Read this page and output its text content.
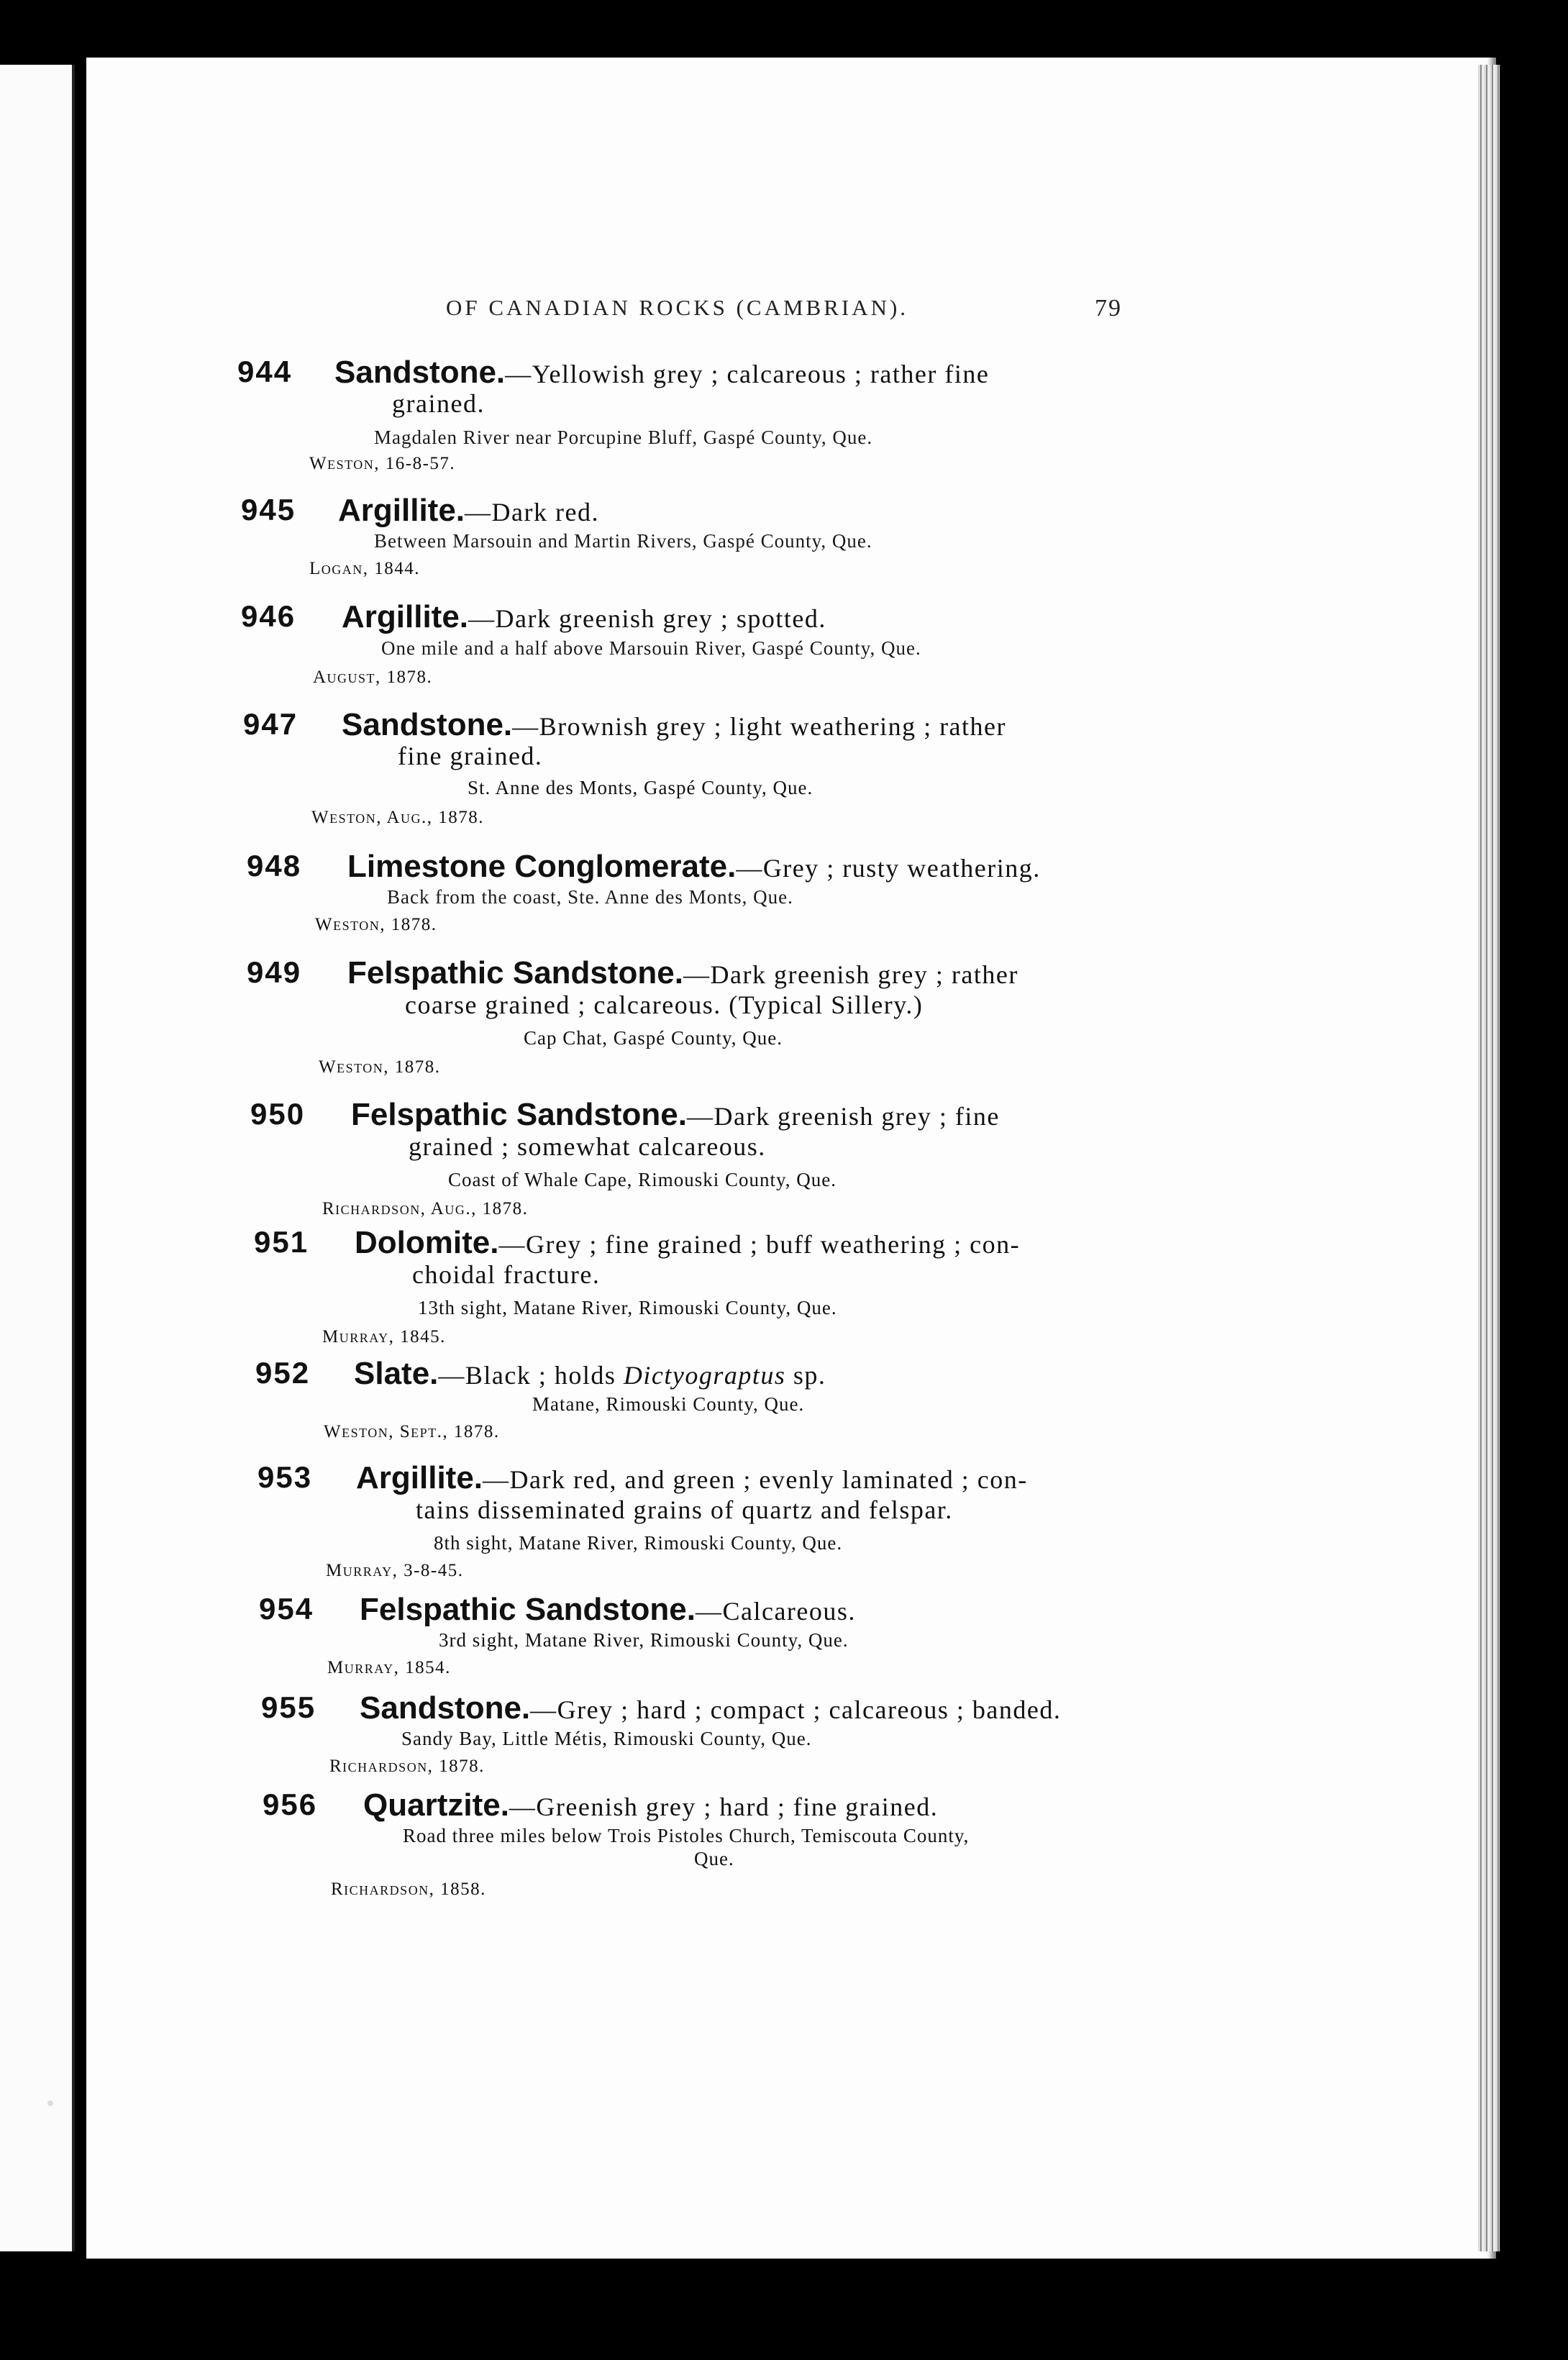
OF CANADIAN ROCKS (CAMBRIAN).	79
944 Sandstone.—Yellowish grey ; calcareous ; rather fine
grained.
Magdalen River near Porcupine Bluff, Gaspé County, Que.
Weston, 16-8-57.
945 Argillite.—Dark red.
Between Marsouin and Martin Rivers, Gaspé County, Que.
Logan, 1844.
946 Argillite.—Dark greenish grey ; spotted.
One mile and a half above Marsouin River, Gaspé County, Que.
August, 1878.
947 Sandstone.—Brownish grey ; light weathering ; rather
fine grained.
St. Anne des Monts, Gaspé County, Que.
Weston, Aug., 1878.
948 Limestone Conglomerate.—Grey ; rusty weathering.
Back from the coast, Ste. Anne des Monts, Que.
Weston, 1878.
949 Felspathic Sandstone.—Dark greenish grey ; rather
coarse grained ; calcareous. (Typical Sillery.)
Cap Chat, Gaspé County, Que.
Weston, 1878.
950 Felspathic Sandstone.—Dark greenish grey ; fine
grained ; somewhat calcareous.
Coast of Whale Cape, Rimouski County, Que.
Richardson, Aug., 1878.
951 Dolomite.—Grey ; fine grained ; buff weathering ; con-
choidal fracture.
13th sight, Matane River, Rimouski County, Que.
Murray, 1845.
952 Slate.—Black ; holds Dictyograptus sp.
Matane, Rimouski County, Que.
Weston, Sept., 1878.
953 Argillite.—Dark red, and green ; evenly laminated ; con-
tains disseminated grains of quartz and felspar.
8th sight, Matane River, Rimouski County, Que.
Murray, 3-8-45.
954 Felspathic Sandstone.—Calcareous.
3rd sight, Matane River, Rimouski County, Que.
Murray, 1854.
955 Sandstone.—Grey ; hard ; compact ; calcareous ; banded.
Sandy Bay, Little Métis, Rimouski County, Que.
Richardson, 1878.
956 Quartzite.—Greenish grey ; hard ; fine grained.
Road three miles below Trois Pistoles Church, Temiscouta County,
Que.
Richardson, 1858.
